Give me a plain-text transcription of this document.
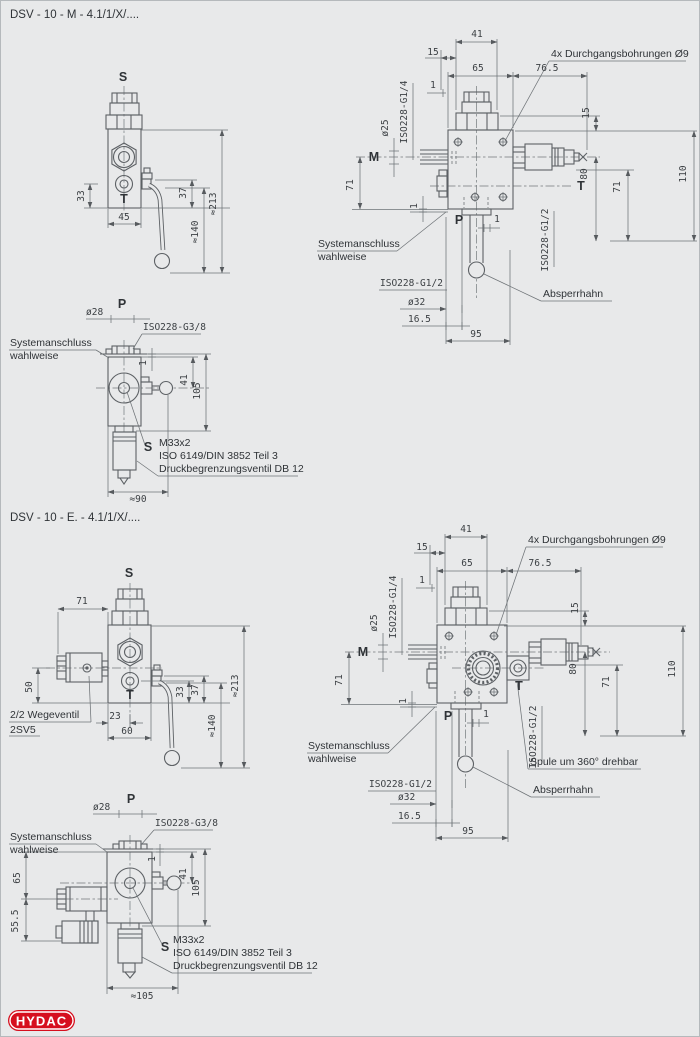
DSV - 10 - M - 4.1/1/X/....
DSV - 10 - E. - 4.1/1/X/....
S
T
33
45
37
≈140
≈213
41
15
1
65	76.5
ø25 ISO228-G1/4
M
71
1
15
80	110
71
T
P	1	ISO228-G1/2
4x Durchgangsbohrungen Ø9
Systemanschluss
wahlweise
ISO228-G1/2
ø32
16.5
95
Absperrhahn
P
ø28
ISO228-G3/8
Systemanschluss
wahlweise
1
41
105
S M33x2
ISO 6149/DIN 3852 Teil 3
Druckbegrenzungsventil DB 12
≈90
S
T
71
50
2/2 Wegeventil
2SV5
23
60
33 37
≈140
≈213
41
15
1
65	76.5
ø25 ISO228-G1/4
M
71
1
15
80	110
71
T
P	1	ISO228-G1/2
4x Durchgangsbohrungen Ø9
Systemanschluss
wahlweise
ISO228-G1/2
ø32
16.5
95
Absperrhahn
Spule um 360° drehbar
P
ø28
ISO228-G3/8
Systemanschluss
wahlweise
65
55.5
1
41
105
S M33x2
ISO 6149/DIN 3852 Teil 3
Druckbegrenzungsventil DB 12
≈105
HYDAC
